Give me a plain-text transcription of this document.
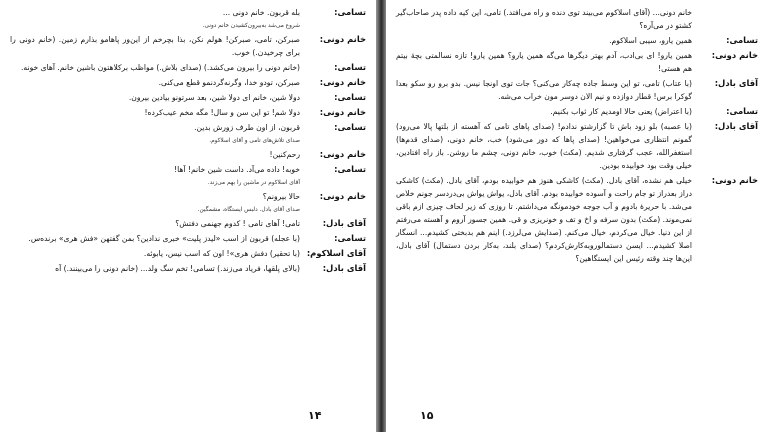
تسامی:
بله قربون. خانم دونی ...
شروع می‌شد به‌بیرون‌کشیدن خانم دونی.
خانم دونی:
صبرکن، تامی، صبرکن! هولم نکن، بذا بچرخم از این‌ور پاهامو بذارم زمین. (خانم دونی را برای چرخیدن.) خوب.
تسامی:
(خانم دونی را بیرون می‌کشد.) (صدای بلاش.) مواظب برکلاهتون باشین خانم. آهای خونه.
خانم دونی:
صبرکن، تودو خدا، وگرنه‌گردنمو قطع می‌کنی.
تسامی:
دولا شین، خانم ای دولا شین، بعد سرتونو بیادین بیرون.
خانم دونی:
دولا شم! تو این سن و سال! مگه مخم عیب‌کرده!
تسامی:
قربون، از اون طرف زورش بدین.
صدای تلاش‌های تامی و آقای اسلاکوم.
خانم دونی:
رحم‌کنین!
تسامی:
خوبه! داده می‌آد. داست شین خانم! آها!
آقای اسلاکوم در ماشین را بهم می‌زند.
خانم دونی:
حالا بیرونم؟
صدای آقای بادل. دلبس ایستگاه، مشمگین.
آقای بادل:
تامی! آهای تامی ! کدوم جهنمی دفتش؟
تسامی:
(با عجله) قربون از اسب «لیدز پلیت» خبری ندادین؟ بمن گفتهن «فش هری» برنده‌س.
آقای اسلاکوم:
(با تحقیر) دفش هری»! اون که اسب نیس، یابوئه.
آقای بادل:
(بالای پلقها، فریاد می‌زند.) تسامی! تخم سگ ولد... (خانم دونی را می‌بینند.) آه
۱۴
خانم دونی... (آقای اسلاکوم می‌بیند توی دنده و راه می‌افتد.) تامی، این کیه داده پدر صاحاب‌گیر کشتو در می‌آره؟
تسامی:
همین یارو، سیبی اسلاکوم.
خانم دونی:
همین یارو! ای بی‌ادب، آدم بهتر دیگرها می‌گه همین یارو؟ همین یارو! تازه نسالمتی بچهٔ بیتم هم هستی!
آقای بادل:
(با عتاب) تامی، تو این وسط جاده چه‌کار می‌کنی؟ جات توی اونجا نیس. بدو برو رو سکو بعدا گوکرا برس! قطار دوازده و نیم الان دوسر مون خراب می‌شه.
تسامی:
(با اعتراض) یعنی حالا اومدیم کار ثواب بکنیم.
آقای بادل:
(با عصبه) بلو زود باش تا گزارشتو ندادم! (صدای پاهای تامی که آهسته از بلتها پالا می‌رود) گمونم انتظاری می‌خواهین! (صدای پاها که دور می‌شود) خب، خانم دونی، (صدای قدم‌ها) استغفرالله، عجب گرفتاری شدیم. (مکث) خوب، خانم دونی، چشم ما روشن. باز راه افتادین، خیلی وقت بود خوابیده بودین.
خانم دونی:
خیلی هم نشده، آقای بادل. (مکث) کاشکی هنوز هم خوابیده بودم، آقای بادل. (مکث) کاشکی دراز بعدراز تو جام راحت و آسوده خوابیده بودم. آقای بادل، یواش یواش بی‌دردسر جونم خلاص می‌شد. با حریرهٔ بادوم و آب جوجه خودمونگه می‌داشتم. تا روزی که زیر لحاف چیزی ازم باقی نمی‌موند. (مکث) بدون سرفه و اخ و تف و خونریزی و قی. همین جسور آروم و آهسته می‌رفتم از این دنیا. خیال می‌کردم، خیال می‌کنم. (صدایش می‌لرزد.) اینم هم بدبختی کشیدم... انسگار اصلا کشیدم... ایسن دستمالوروبه‌کارش‌کردم؟ (صدای بلند، به‌کار بردن دستمال) آقای بادل، این‌ها چند وقته رئیس این ایستگاهین؟
۱۵
